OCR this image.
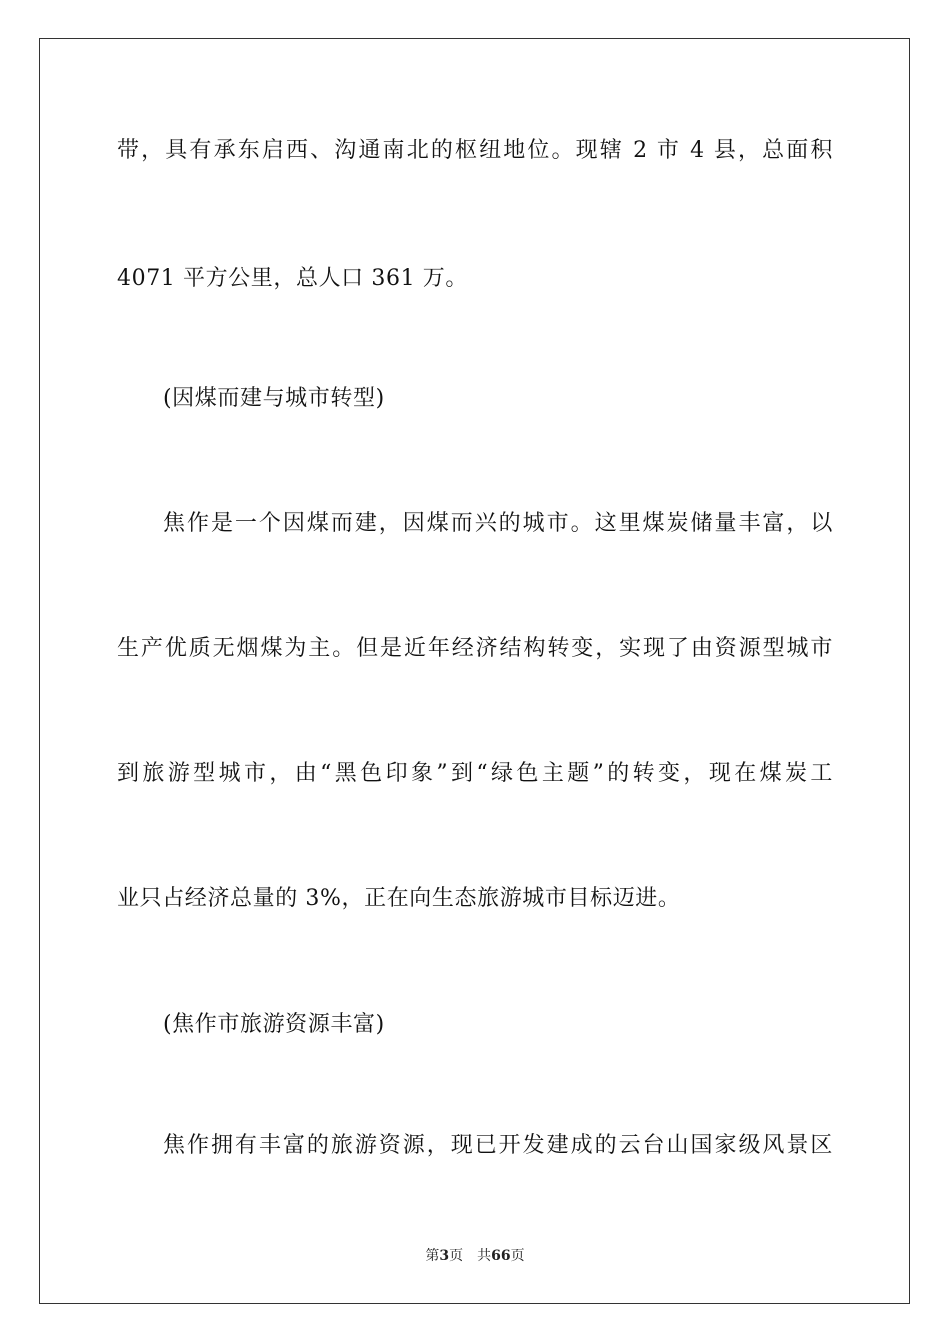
带，具有承东启西、沟通南北的枢纽地位。现辖 2 市 4 县，总面积
4071 平方公里，总人口 361 万。
(因煤而建与城市转型)
焦作是一个因煤而建，因煤而兴的城市。这里煤炭储量丰富，以
生产优质无烟煤为主。但是近年经济结构转变，实现了由资源型城市
到旅游型城市，由“黑色印象”到“绿色主题”的转变，现在煤炭工
业只占经济总量的 3%，正在向生态旅游城市目标迈进。
(焦作市旅游资源丰富)
焦作拥有丰富的旅游资源，现已开发建成的云台山国家级风景区
第3页 共66页
